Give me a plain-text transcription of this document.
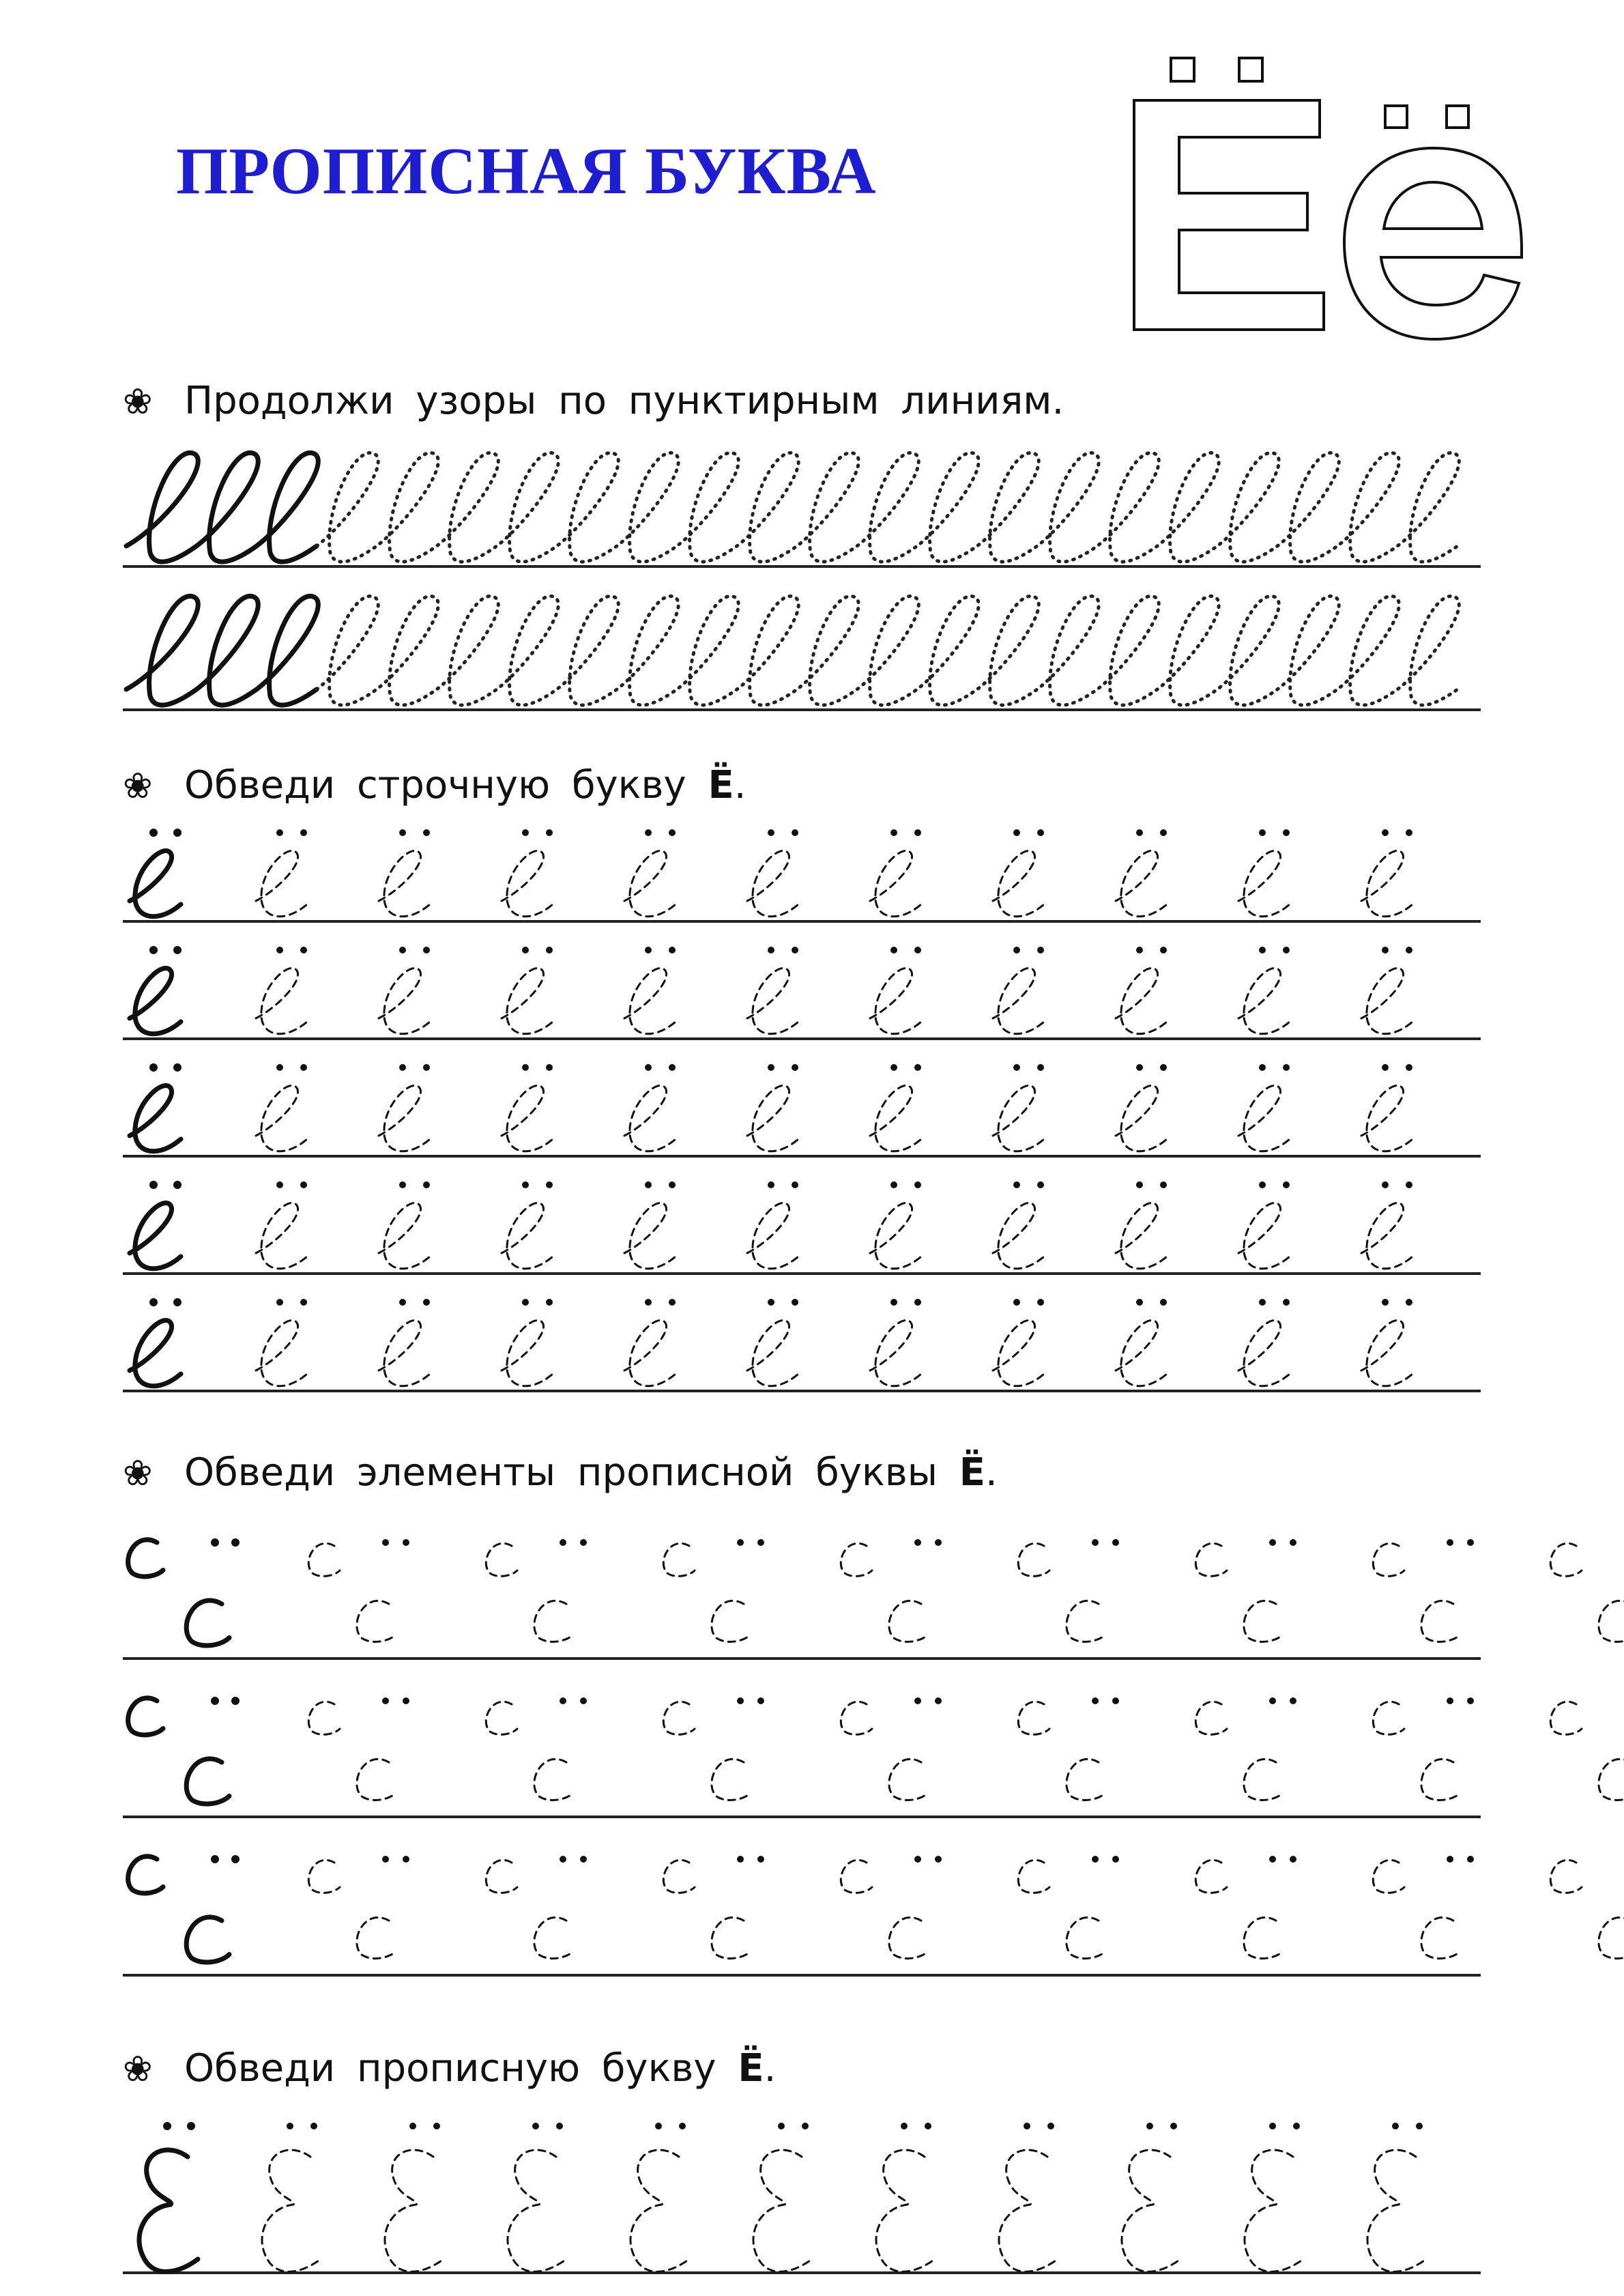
ПРОПИСНАЯ БУКВА
❀ Продолжи узоры по пунктирным линиям.
❀ Обведи строчную букву Ё.
❀ Обведи элементы прописной буквы Ё.
❀ Обведи прописную букву Ё.
